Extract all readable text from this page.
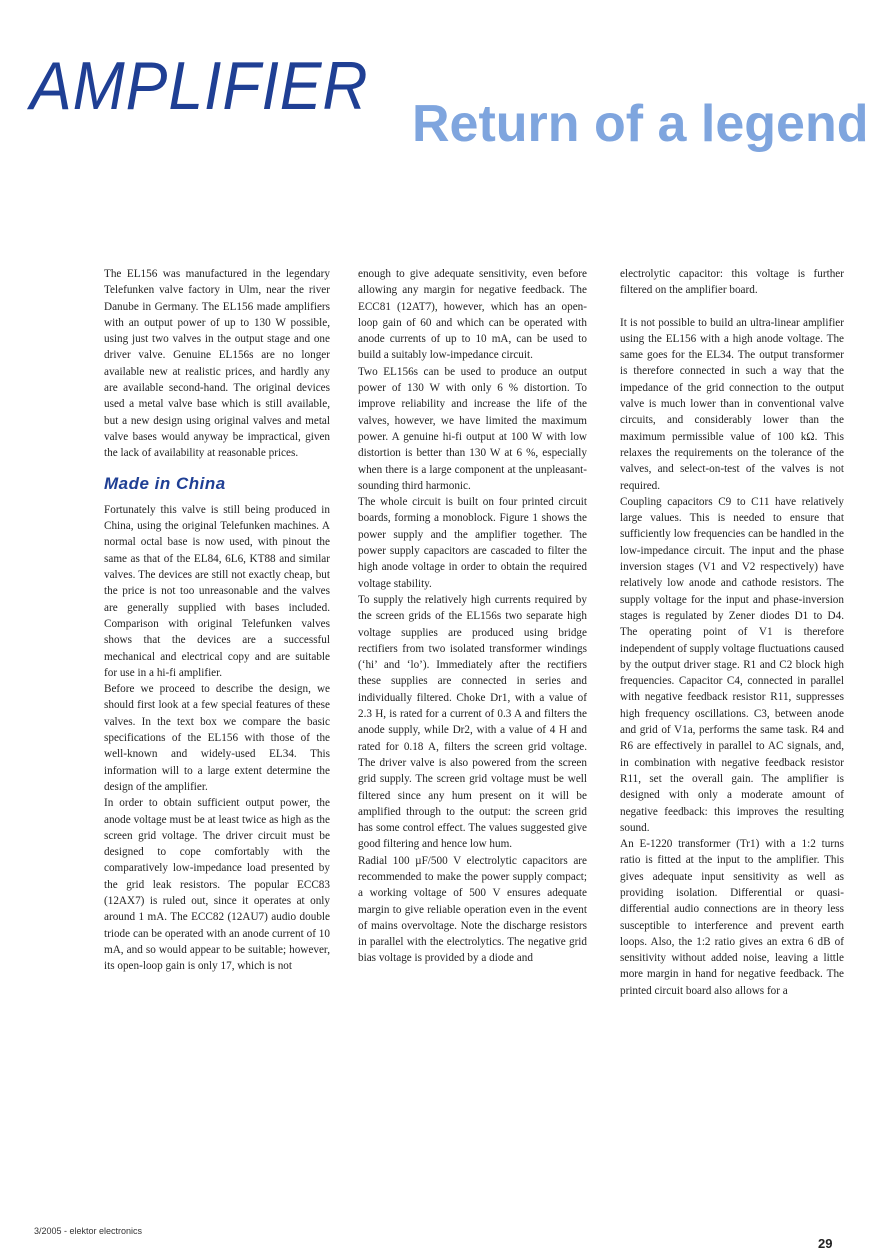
AMPLIFIER Return of a legend

The EL156 was manufactured in the legendary Telefunken valve factory in Ulm, near the river Danube in Germany. The EL156 made amplifiers with an output power of up to 130 W possible, using just two valves in the output stage and one driver valve. Genuine EL156s are no longer available new at realistic prices, and hardly any are available second-hand. The original devices used a metal valve base which is still available, but a new design using original valves and metal valve bases would anyway be impractical, given the lack of availability at reasonable prices.

Made in China

Fortunately this valve is still being produced in China, using the original Telefunken machines. A normal octal base is now used, with pinout the same as that of the EL84, 6L6, KT88 and similar valves. The devices are still not exactly cheap, but the price is not too unreasonable and the valves are generally supplied with bases included. Comparison with original Telefunken valves shows that the devices are a successful mechanical and electrical copy and are suitable for use in a hi-fi amplifier.

Before we proceed to describe the design, we should first look at a few special features of these valves. In the text box we compare the basic specifications of the EL156 with those of the well-known and widely-used EL34. This information will to a large extent determine the design of the amplifier.

In order to obtain sufficient output power, the anode voltage must be at least twice as high as the screen grid voltage. The driver circuit must be designed to cope comfortably with the comparatively low-impedance load presented by the grid leak resistors. The popular ECC83 (12AX7) is ruled out, since it operates at only around 1 mA. The ECC82 (12AU7) audio double triode can be operated with an anode current of 10 mA, and so would appear to be suitable; however, its open-loop gain is only 17, which is not

enough to give adequate sensitivity, even before allowing any margin for negative feedback. The ECC81 (12AT7), however, which has an open-loop gain of 60 and which can be operated with anode currents of up to 10 mA, can be used to build a suitably low-impedance circuit.

Two EL156s can be used to produce an output power of 130 W with only 6 % distortion. To improve reliability and increase the life of the valves, however, we have limited the maximum power. A genuine hi-fi output at 100 W with low distortion is better than 130 W at 6 %, especially when there is a large component at the unpleasant-sounding third harmonic.

The whole circuit is built on four printed circuit boards, forming a monoblock. Figure 1 shows the power supply and the amplifier together. The power supply capacitors are cascaded to filter the high anode voltage in order to obtain the required voltage stability.

To supply the relatively high currents required by the screen grids of the EL156s two separate high voltage supplies are produced using bridge rectifiers from two isolated transformer windings (‘hi’ and ‘lo’). Immediately after the rectifiers these supplies are connected in series and individually filtered. Choke Dr1, with a value of 2.3 H, is rated for a current of 0.3 A and filters the anode supply, while Dr2, with a value of 4 H and rated for 0.18 A, filters the screen grid voltage. The driver valve is also powered from the screen grid supply. The screen grid voltage must be well filtered since any hum present on it will be amplified through to the output: the screen grid has some control effect. The values suggested give good filtering and hence low hum.

Radial 100 µF/500 V electrolytic capacitors are recommended to make the power supply compact; a working voltage of 500 V ensures adequate margin to give reliable operation even in the event of mains overvoltage. Note the discharge resistors in parallel with the electrolytics. The negative grid bias voltage is provided by a diode and

electrolytic capacitor: this voltage is further filtered on the amplifier board.

It is not possible to build an ultra-linear amplifier using the EL156 with a high anode voltage. The same goes for the EL34. The output transformer is therefore connected in such a way that the impedance of the grid connection to the output valve is much lower than in conventional valve circuits, and considerably lower than the maximum permissible value of 100 kΩ. This relaxes the requirements on the tolerance of the valves, and select-on-test of the valves is not required.

Coupling capacitors C9 to C11 have relatively large values. This is needed to ensure that sufficiently low frequencies can be handled in the low-impedance circuit. The input and the phase inversion stages (V1 and V2 respectively) have relatively low anode and cathode resistors. The supply voltage for the input and phase-inversion stages is regulated by Zener diodes D1 to D4. The operating point of V1 is therefore independent of supply voltage fluctuations caused by the output driver stage. R1 and C2 block high frequencies. Capacitor C4, connected in parallel with negative feedback resistor R11, suppresses high frequency oscillations. C3, between anode and grid of V1a, performs the same task. R4 and R6 are effectively in parallel to AC signals, and, in combination with negative feedback resistor R11, set the overall gain. The amplifier is designed with only a moderate amount of negative feedback: this improves the resulting sound.

An E-1220 transformer (Tr1) with a 1:2 turns ratio is fitted at the input to the amplifier. This gives adequate input sensitivity as well as providing isolation. Differential or quasi-differential audio connections are in theory less susceptible to interference and prevent earth loops. Also, the 1:2 ratio gives an extra 6 dB of sensitivity without added noise, leaving a little more margin in hand for negative feedback. The printed circuit board also allows for a

3/2005 - elektor electronics
29
